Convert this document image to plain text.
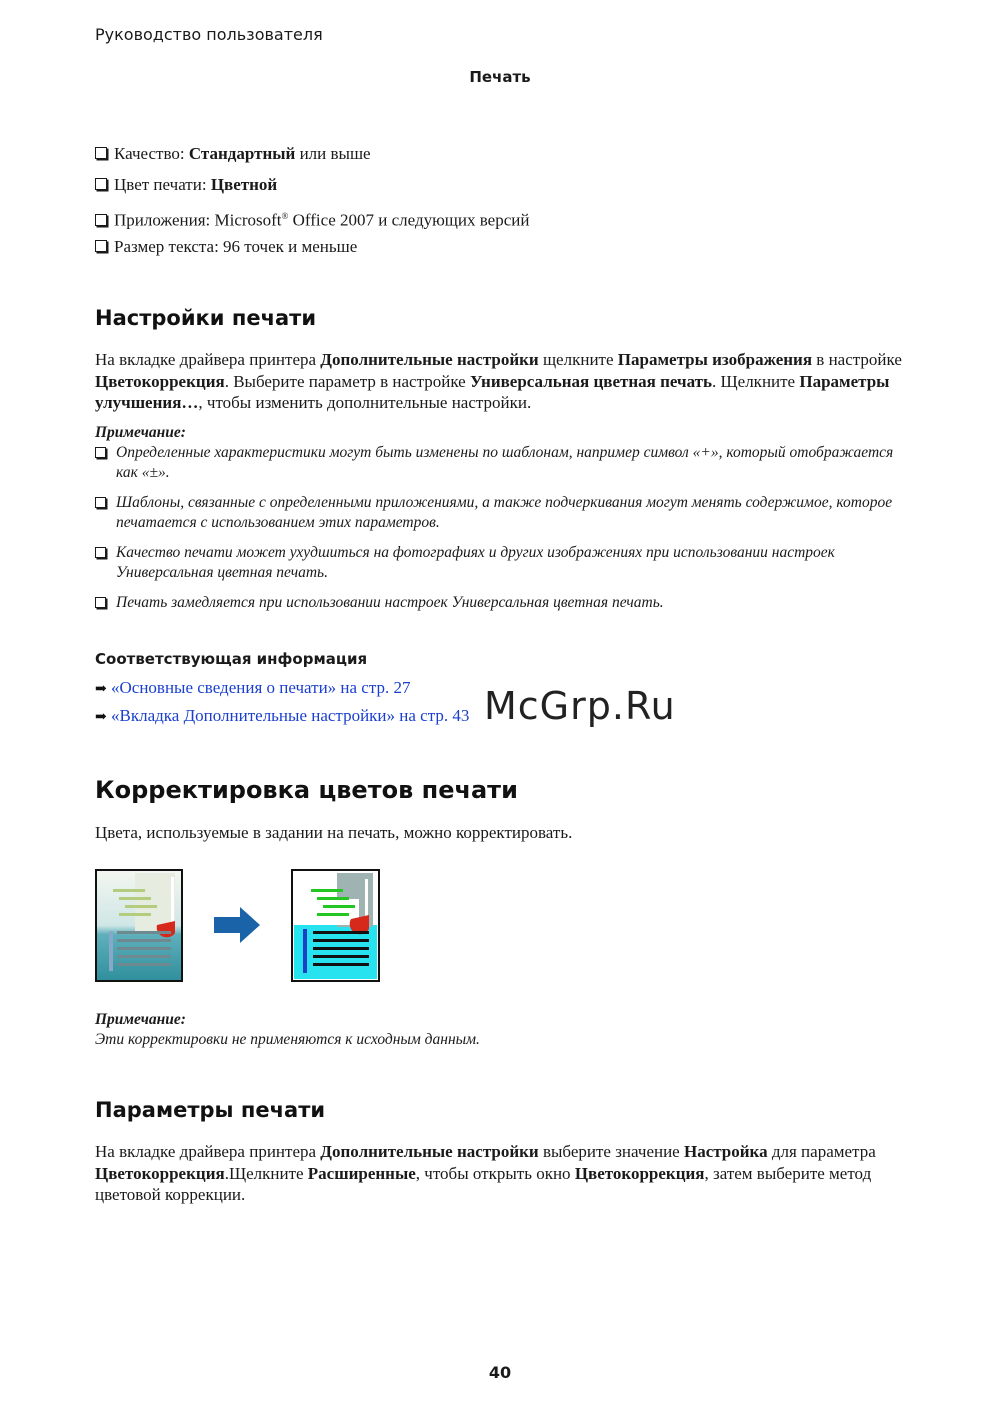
Руководство пользователя
Печать
Качество: Стандартный или выше
Цвет печати: Цветной
Приложения: Microsoft® Office 2007 и следующих версий
Размер текста: 96 точек и меньше
Настройки печати

На вкладке драйвера принтера Дополнительные настройки щелкните Параметры изображения в настройке Цветокоррекция. Выберите параметр в настройке Универсальная цветная печать. Щелкните Параметры улучшения…, чтобы изменить дополнительные настройки.

Примечание:
Определенные характеристики могут быть изменены по шаблонам, например символ «+», который отображается как «±».
Шаблоны, связанные с определенными приложениями, а также подчеркивания могут менять содержимое, которое печатается с использованием этих параметров.
Качество печати может ухудшиться на фотографиях и других изображениях при использовании настроек Универсальная цветная печать.
Печать замедляется при использовании настроек Универсальная цветная печать.
Соответствующая информация
➡ «Основные сведения о печати» на стр. 27
➡ «Вкладка Дополнительные настройки» на стр. 43 McGrp.Ru
Корректировка цветов печати

Цвета, используемые в задании на печать, можно корректировать.

Примечание:
Эти корректировки не применяются к исходным данным.
Параметры печати

На вкладке драйвера принтера Дополнительные настройки выберите значение Настройка для параметра Цветокоррекция.Щелкните Расширенные, чтобы открыть окно Цветокоррекция, затем выберите метод цветовой коррекции.

40
